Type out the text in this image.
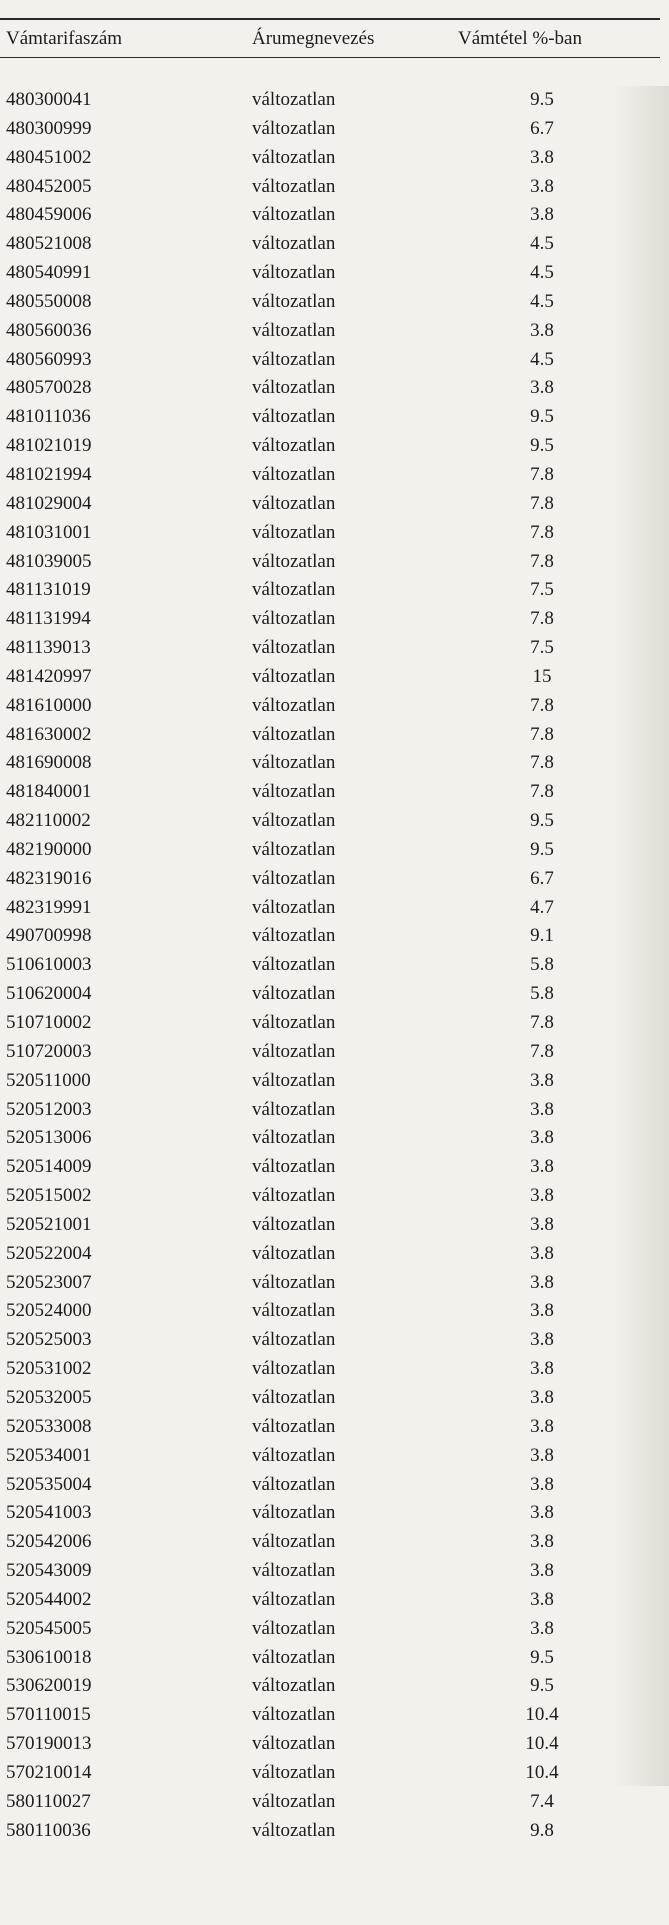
Vámtarifaszám	Árumegnevezés	Vámtétel %-ban
480300041	változatlan	9.5
480300999	változatlan	6.7
480451002	változatlan	3.8
480452005	változatlan	3.8
480459006	változatlan	3.8
480521008	változatlan	4.5
480540991	változatlan	4.5
480550008	változatlan	4.5
480560036	változatlan	3.8
480560993	változatlan	4.5
480570028	változatlan	3.8
481011036	változatlan	9.5
481021019	változatlan	9.5
481021994	változatlan	7.8
481029004	változatlan	7.8
481031001	változatlan	7.8
481039005	változatlan	7.8
481131019	változatlan	7.5
481131994	változatlan	7.8
481139013	változatlan	7.5
481420997	változatlan	15
481610000	változatlan	7.8
481630002	változatlan	7.8
481690008	változatlan	7.8
481840001	változatlan	7.8
482110002	változatlan	9.5
482190000	változatlan	9.5
482319016	változatlan	6.7
482319991	változatlan	4.7
490700998	változatlan	9.1
510610003	változatlan	5.8
510620004	változatlan	5.8
510710002	változatlan	7.8
510720003	változatlan	7.8
520511000	változatlan	3.8
520512003	változatlan	3.8
520513006	változatlan	3.8
520514009	változatlan	3.8
520515002	változatlan	3.8
520521001	változatlan	3.8
520522004	változatlan	3.8
520523007	változatlan	3.8
520524000	változatlan	3.8
520525003	változatlan	3.8
520531002	változatlan	3.8
520532005	változatlan	3.8
520533008	változatlan	3.8
520534001	változatlan	3.8
520535004	változatlan	3.8
520541003	változatlan	3.8
520542006	változatlan	3.8
520543009	változatlan	3.8
520544002	változatlan	3.8
520545005	változatlan	3.8
530610018	változatlan	9.5
530620019	változatlan	9.5
570110015	változatlan	10.4
570190013	változatlan	10.4
570210014	változatlan	10.4
580110027	változatlan	7.4
580110036	változatlan	9.8
